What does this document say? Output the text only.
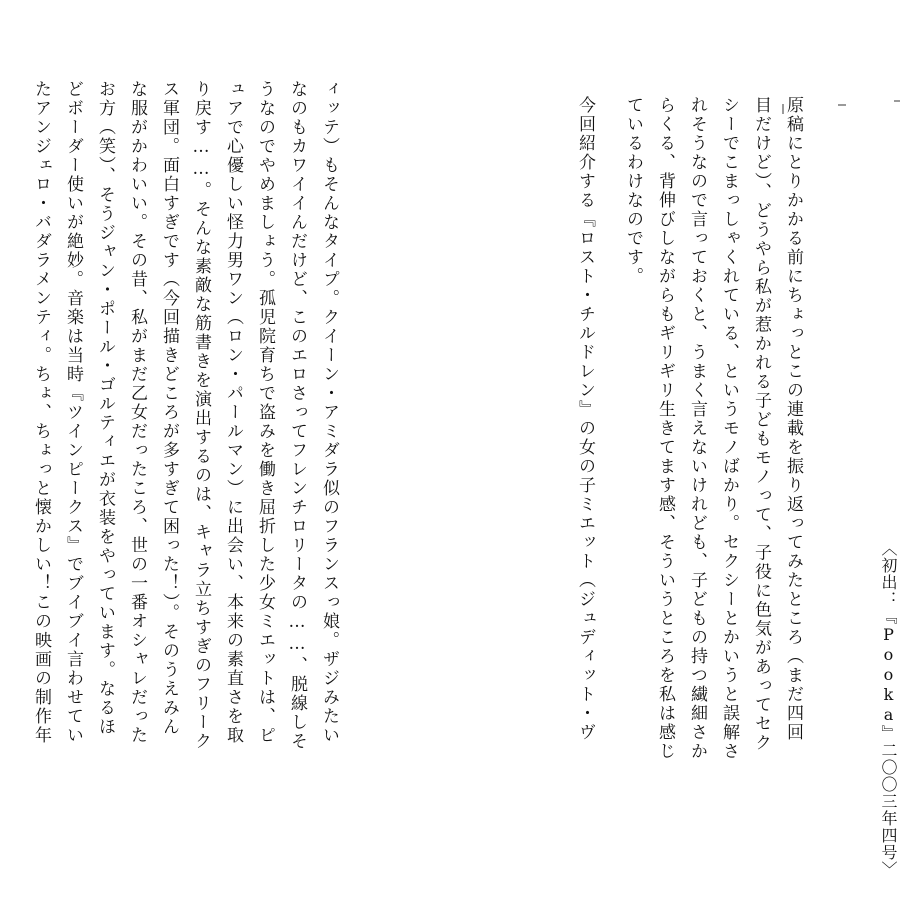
原稿にとりかかる前にちょっとこの連載を振り返ってみたところ（まだ四回
目だけど）、どうやら私が惹かれる子どもモノって、子役に色気があってセク
シーでこまっしゃくれている、というモノばかり。セクシーとかいうと誤解さ
れそうなので言っておくと、うまく言えないけれども、子どもの持つ繊細さか
らくる、背伸びしながらもギリギリ生きてます感、そういうところを私は感じ
ているわけなのです。
今回紹介する『ロスト・チルドレン』の女の子ミエット（ジュディット・ヴ	〈初出：『Pooka』二〇〇三年四号〉
ィッテ）もそんなタイプ。クイーン・アミダラ似のフランスっ娘。ザジみたい
なのもカワイイんだけど、このエロさってフレンチロリータの……、脱線しそ
うなのでやめましょう。孤児院育ちで盗みを働き屈折した少女ミエットは、ピ
ュアで心優しい怪力男ワン（ロン・パールマン）に出会い、本来の素直さを取
り戻す……。そんな素敵な筋書きを演出するのは、キャラ立ちすぎのフリーク
ス軍団。面白すぎです（今回描きどころが多すぎて困った！）。そのうえみん
な服がかわいい。その昔、私がまだ乙女だったころ、世の一番オシャレだった
お方（笑）、そうジャン・ポール・ゴルティエが衣装をやっています。なるほ
どボーダー使いが絶妙。音楽は当時『ツインピークス』でブイブイ言わせてい
たアンジェロ・バダラメンティ。ちょ、ちょっと懐かしい！この映画の制作年
